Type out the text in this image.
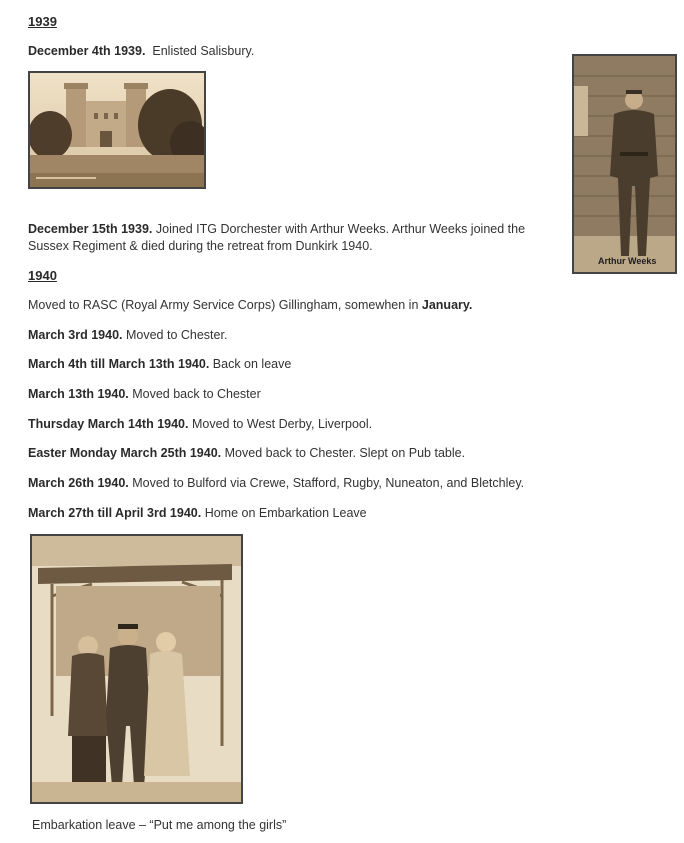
1939
December 4th 1939. Enlisted Salisbury.
Arthur Weeks
December 15th 1939. Joined ITG Dorchester with Arthur Weeks. Arthur Weeks joined the
Sussex Regiment & died during the retreat from Dunkirk 1940.
1940
Moved to RASC (Royal Army Service Corps) Gillingham, somewhen in January.
March 3rd 1940. Moved to Chester.
March 4th till March 13th 1940. Back on leave
March 13th 1940. Moved back to Chester
Thursday March 14th 1940. Moved to West Derby, Liverpool.
Easter Monday March 25th 1940. Moved back to Chester. Slept on Pub table.
March 26th 1940. Moved to Bulford via Crewe, Stafford, Rugby, Nuneaton, and Bletchley.
March 27th till April 3rd 1940. Home on Embarkation Leave
Embarkation leave – “Put me among the girls”
